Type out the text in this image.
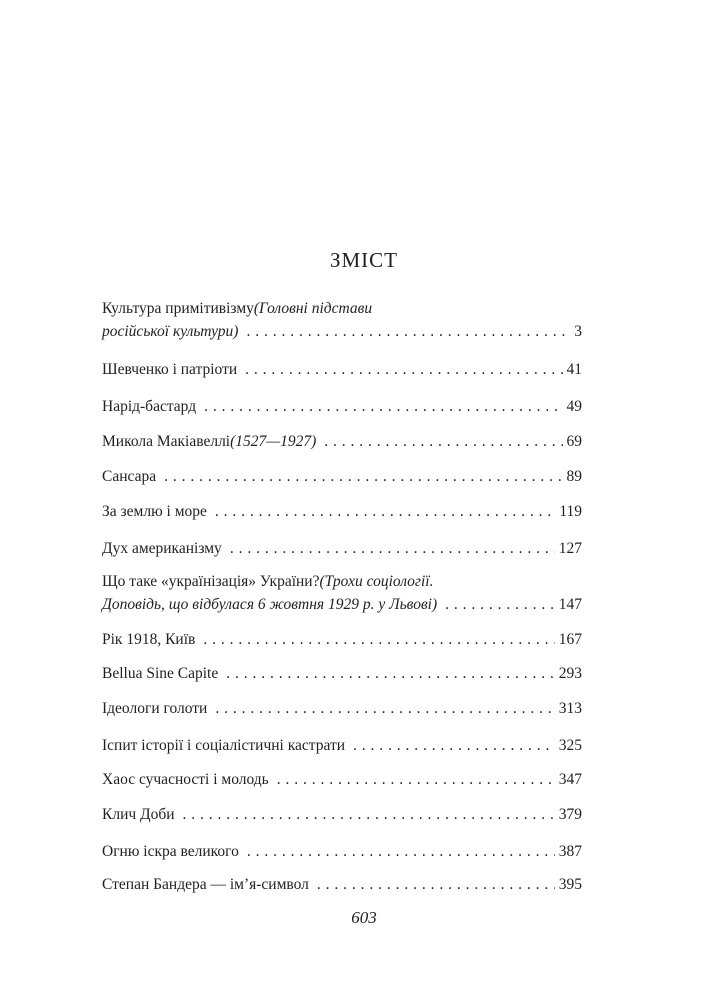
ЗМІСТ
Культура примітивізму (Головні підстави
російської культури) . . .	3
Шевченко і патріоти . . .	41
Нарід-бастард . . .	49
Микола Макіавеллі (1527—1927) . . .	69
Сансара . . .	89
За землю і море . . .	119
Дух американізму . . .	127
Що таке «українізація» України? (Трохи соціології.
Доповідь, що відбулася 6 жовтня 1929 р. у Львові) . . .	147
Рік 1918, Київ . . .	167
Bellua Sine Capite . . .	293
Ідеологи голоти . . .	313
Іспит історії і соціалістичні кастрати . . .	325
Хаос сучасності і молодь . . .	347
Клич Доби . . .	379
Огню іскра великого . . .	387
Степан Бандера — ім’я-символ . . .	395

603
